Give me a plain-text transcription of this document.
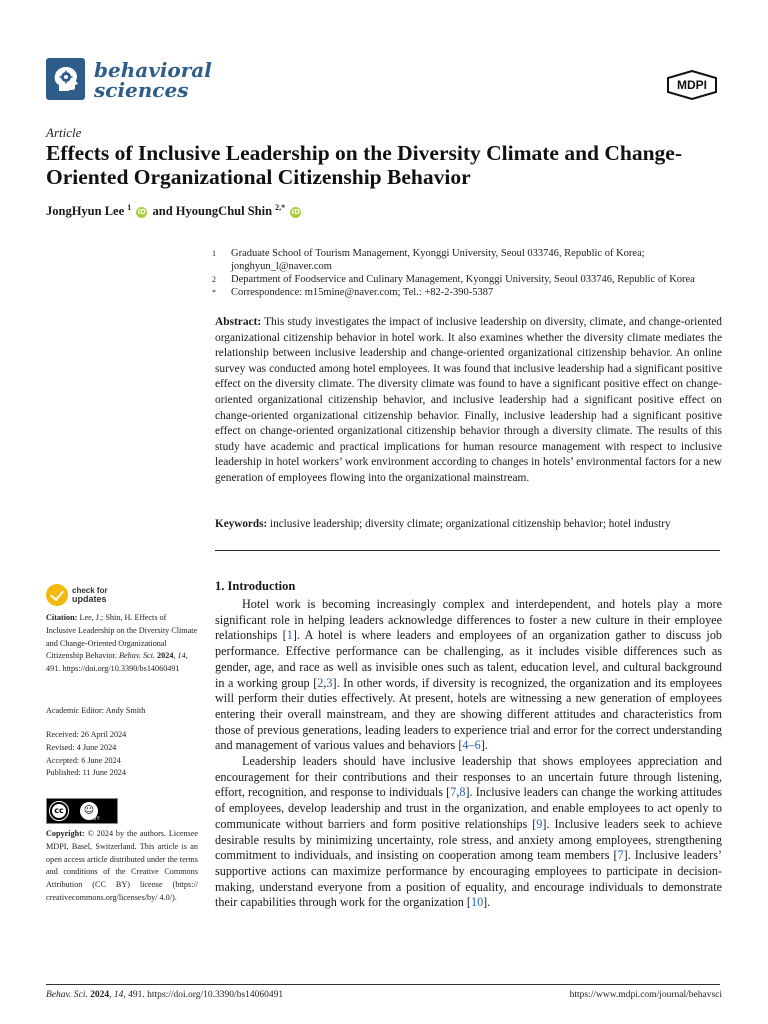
behavioral
sciences	MDPI
Article
Effects of Inclusive Leadership on the Diversity Climate and Change-Oriented Organizational Citizenship Behavior
JongHyun Lee $^1$ iD and HyoungChul Shin $^{2,*}$ iD
1	Graduate School of Tourism Management, Kyonggi University, Seoul 033746, Republic of Korea; jonghyun_l@naver.com
2	Department of Foodservice and Culinary Management, Kyonggi University, Seoul 033746, Republic of Korea
*	Correspondence: m15mine@naver.com; Tel.: +82-2-390-5387
Abstract: This study investigates the impact of inclusive leadership on diversity, climate, and change-oriented organizational citizenship behavior in hotel work. It also examines whether the diversity climate mediates the relationship between inclusive leadership and change-oriented organizational citizenship behavior. An online survey was conducted among hotel employees. It was found that inclusive leadership had a significant positive effect on the diversity climate. The diversity climate was found to have a significant positive effect on change-oriented organizational citizenship behavior, and inclusive leadership had a significant positive effect on change-oriented organizational citizenship behavior. Finally, inclusive leadership had a significant positive effect on change-oriented organizational citizenship behavior through a diversity climate. The results of this study have academic and practical implications for human resource management with respect to inclusive leadership in hotel workers’ work environment according to changes in hotels’ environmental factors for a new generation of employees flowing into the organizational mainstream.
Keywords: inclusive leadership; diversity climate; organizational citizenship behavior; hotel industry
check for
updates
Citation: Lee, J.; Shin, H. Effects of Inclusive Leadership on the Diversity Climate and Change-Oriented Organizational Citizenship Behavior. Behav. Sci. 2024, 14, 491. https://doi.org/10.3390/bs14060491
Academic Editor: Andy Smith
Received: 26 April 2024
Revised: 4 June 2024
Accepted: 6 June 2024
Published: 11 June 2024
cc	☺
BY
Copyright: © 2024 by the authors. Licensee MDPI, Basel, Switzerland. This article is an open access article distributed under the terms and conditions of the Creative Commons Attribution (CC BY) license (https:// creativecommons.org/licenses/by/ 4.0/).
1. Introduction

Hotel work is becoming increasingly complex and interdependent, and hotels play a more significant role in helping leaders acknowledge differences to foster a new culture in their employee relationships [1]. A hotel is where leaders and employees of an organization gather to discuss job performance. Effective performance can be challenging, as it includes visible differences such as gender, age, and race as well as invisible ones such as talent, education level, and cultural background in a working group [2,3]. In other words, if diversity is recognized, the organization and its employees will perform their duties effectively. At present, hotels are witnessing a new generation of employees entering their overall mainstream, and they are showing different attitudes and characteristics from those of previous generations, leading leaders to experience trial and error for the correct understanding and management of various values and behaviors [4–6].

Leadership leaders should have inclusive leadership that shows employees appreciation and encouragement for their contributions and their responses to an uncertain future through listening, effort, recognition, and response to individuals [7,8]. Inclusive leaders can change the working attitudes of employees, develop leadership and trust in the organization, and enable employees to act openly to communicate without barriers and form positive relationships [9]. Inclusive leaders seek to achieve desirable results by minimizing uncertainty, role stress, and anxiety among employees, strengthening commitment to individuals, and insisting on cooperation among team members [7]. Inclusive leaders’ supportive actions can maximize performance by encouraging employees to participate in decision-making, understand everyone from a position of equality, and encourage individuals to demonstrate their capabilities through work for the organization [10].

Behav. Sci. 2024, 14, 491. https://doi.org/10.3390/bs14060491	https://www.mdpi.com/journal/behavsci
